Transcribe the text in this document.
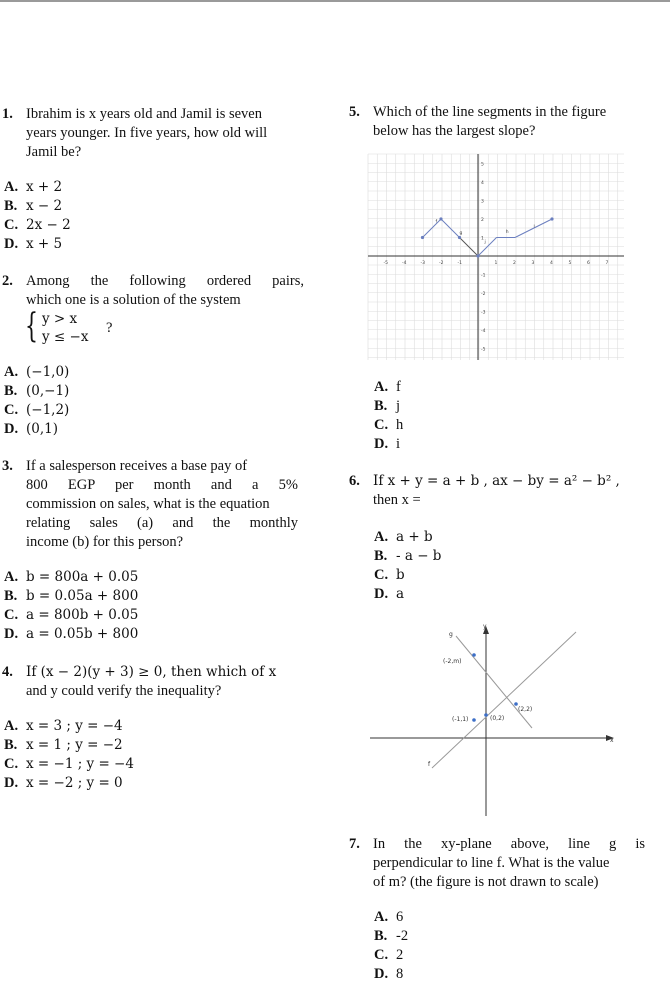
1. Ibrahim is x years old and Jamil is seven
years younger. In five years, how old will
Jamil be?
A. x + 2
B. x − 2
C. 2x − 2
D. x + 5
2. Among the following ordered pairs,
which one is a solution of the system
{ y > x
y ≤ −x
?
A. (−1,0)
B. (0,−1)
C. (−1,2)
D. (0,1)
3. If a salesperson receives a base pay of
800 EGP per month and a 5%
commission on sales, what is the equation
relating sales (a) and the monthly
income (b) for this person?
A. b = 800a + 0.05
B. b = 0.05a + 800
C. a = 800b + 0.05
D. a = 0.05b + 800
4. If (x − 2)(y + 3) ≥ 0, then which of x
and y could verify the inequality?
A. x = 3 ; y = −4
B. x = 1 ; y = −2
C. x = −1 ; y = −4
D. x = −2 ; y = 0
5. Which of the line segments in the figure
below has the largest slope?
-5	-4	-3	-2	-1	1	2	3	4	5	6	7
5
4
3
2
1
-1
-2
-3
-4
-5
f
g	h
i
j
A. f
B. j
C. h
D. i
6. If x + y = a + b , ax − by = a² − b² ,
then x =
A. a + b
B. - a − b
C. b
D. a
x
y
g
f
(-2,m)
(2,2)
(-1,1)	(0,2)
7. In the xy-plane above, line g is
perpendicular to line f. What is the value
of m? (the figure is not drawn to scale)
A. 6
B. -2
C. 2
D. 8
